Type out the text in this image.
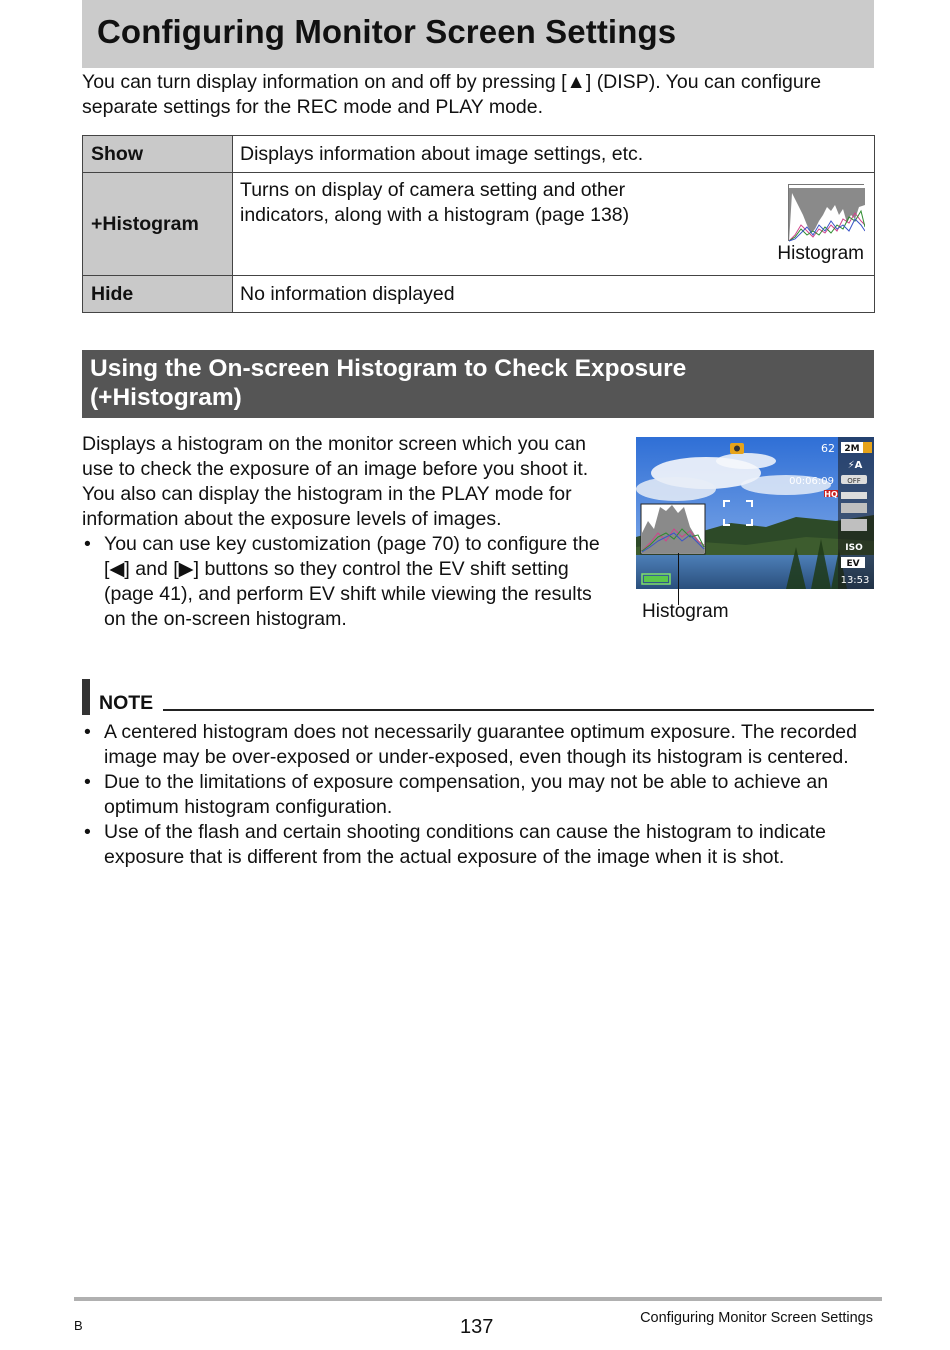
Configuring Monitor Screen Settings

You can turn display information on and off by pressing [▲] (DISP). You can configure separate settings for the REC mode and PLAY mode.

Show	Displays information about image settings, etc.
+Histogram	Turns on display of camera setting and other indicators, along with a histogram (page 138)
Histogram

Hide	No information displayed
Using the On-screen Histogram to Check Exposure
(+Histogram)

Displays a histogram on the monitor screen which you can use to check the exposure of an image before you shoot it. You also can display the histogram in the PLAY mode for information about the exposure levels of images.

• You can use key customization (page 70) to configure the [◀] and [▶] buttons so they control the EV shift setting (page 41), and perform EV shift while viewing the results on the on-screen histogram.
62 2M
⚡A
00:06:09
HQ
OFF
ISO
EV
13:53
Histogram
NOTE
• A centered histogram does not necessarily guarantee optimum exposure. The recorded image may be over-exposed or under-exposed, even though its histogram is centered.
• Due to the limitations of exposure compensation, you may not be able to achieve an optimum histogram configuration.
• Use of the flash and certain shooting conditions can cause the histogram to indicate exposure that is different from the actual exposure of the image when it is shot.
B	137	Configuring Monitor Screen Settings
